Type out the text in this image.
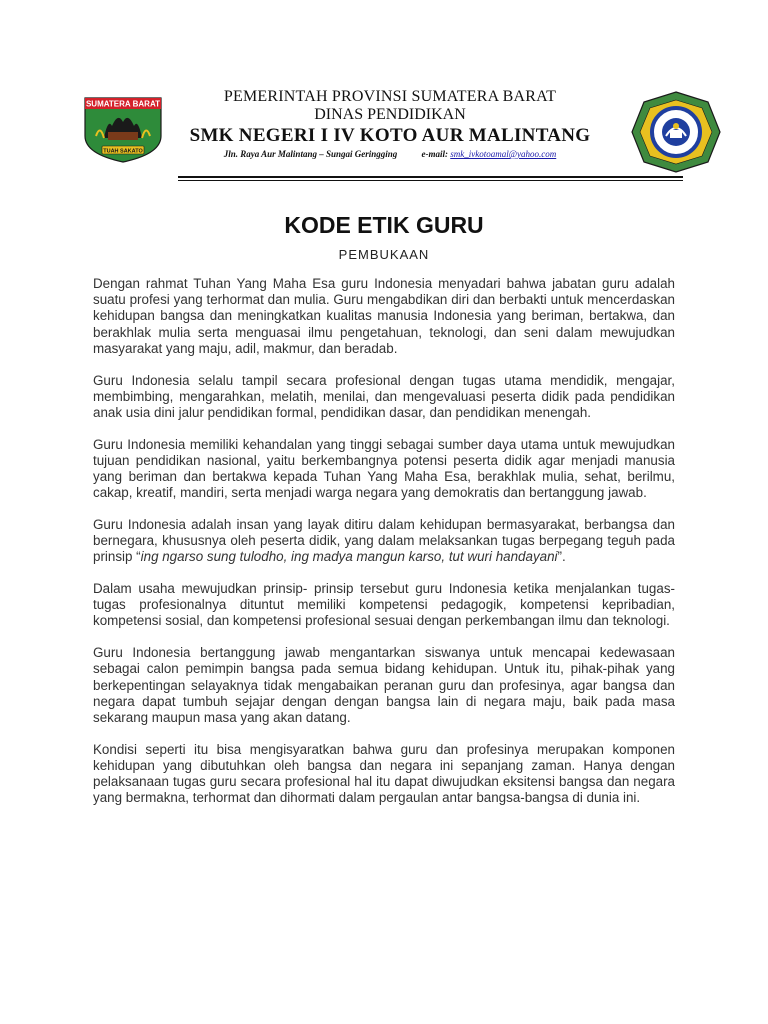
SUMATERA BARAT
TUAH SAKATO
PEMERINTAH PROVINSI SUMATERA BARAT
DINAS PENDIDIKAN
SMK NEGERI I IV KOTO AUR MALINTANG
Jln. Raya Aur Malintang – Sungai Geringging	e-mail: smk_ivkotoamal@yahoo.com
KODE ETIK GURU
PEMBUKAAN

Dengan rahmat Tuhan Yang Maha Esa guru Indonesia menyadari bahwa jabatan guru adalah suatu profesi yang terhormat dan mulia. Guru mengabdikan diri dan berbakti untuk mencerdaskan kehidupan bangsa dan meningkatkan kualitas manusia Indonesia yang beriman, bertakwa, dan berakhlak mulia serta menguasai ilmu pengetahuan, teknologi, dan seni dalam mewujudkan masyarakat yang maju, adil, makmur, dan beradab.

Guru Indonesia selalu tampil secara profesional dengan tugas utama mendidik, mengajar, membimbing, mengarahkan, melatih, menilai, dan mengevaluasi peserta didik pada pendidikan anak usia dini jalur pendidikan formal, pendidikan dasar, dan pendidikan menengah.

Guru Indonesia memiliki kehandalan yang tinggi sebagai sumber daya utama untuk mewujudkan tujuan pendidikan nasional, yaitu berkembangnya potensi peserta didik agar menjadi manusia yang beriman dan bertakwa kepada Tuhan Yang Maha Esa, berakhlak mulia, sehat, berilmu, cakap, kreatif, mandiri, serta menjadi warga negara yang demokratis dan bertanggung jawab.

Guru Indonesia adalah insan yang layak ditiru dalam kehidupan bermasyarakat, berbangsa dan bernegara, khususnya oleh peserta didik, yang dalam melaksankan tugas berpegang teguh pada prinsip “ing ngarso sung tulodho, ing madya mangun karso, tut wuri handayani”.

Dalam usaha mewujudkan prinsip- prinsip tersebut guru Indonesia ketika menjalankan tugas-tugas profesionalnya dituntut memiliki kompetensi pedagogik, kompetensi kepribadian, kompetensi sosial, dan kompetensi profesional sesuai dengan perkembangan ilmu dan teknologi.

Guru Indonesia bertanggung jawab mengantarkan siswanya untuk mencapai kedewasaan sebagai calon pemimpin bangsa pada semua bidang kehidupan. Untuk itu, pihak-pihak yang berkepentingan selayaknya tidak mengabaikan peranan guru dan profesinya, agar bangsa dan negara dapat tumbuh sejajar dengan dengan bangsa lain di negara maju, baik pada masa sekarang maupun masa yang akan datang.

Kondisi seperti itu bisa mengisyaratkan bahwa guru dan profesinya merupakan komponen kehidupan yang dibutuhkan oleh bangsa dan negara ini sepanjang zaman. Hanya dengan pelaksanaan tugas guru secara profesional hal itu dapat diwujudkan eksitensi bangsa dan negara yang bermakna, terhormat dan dihormati dalam pergaulan antar bangsa-bangsa di dunia ini.
